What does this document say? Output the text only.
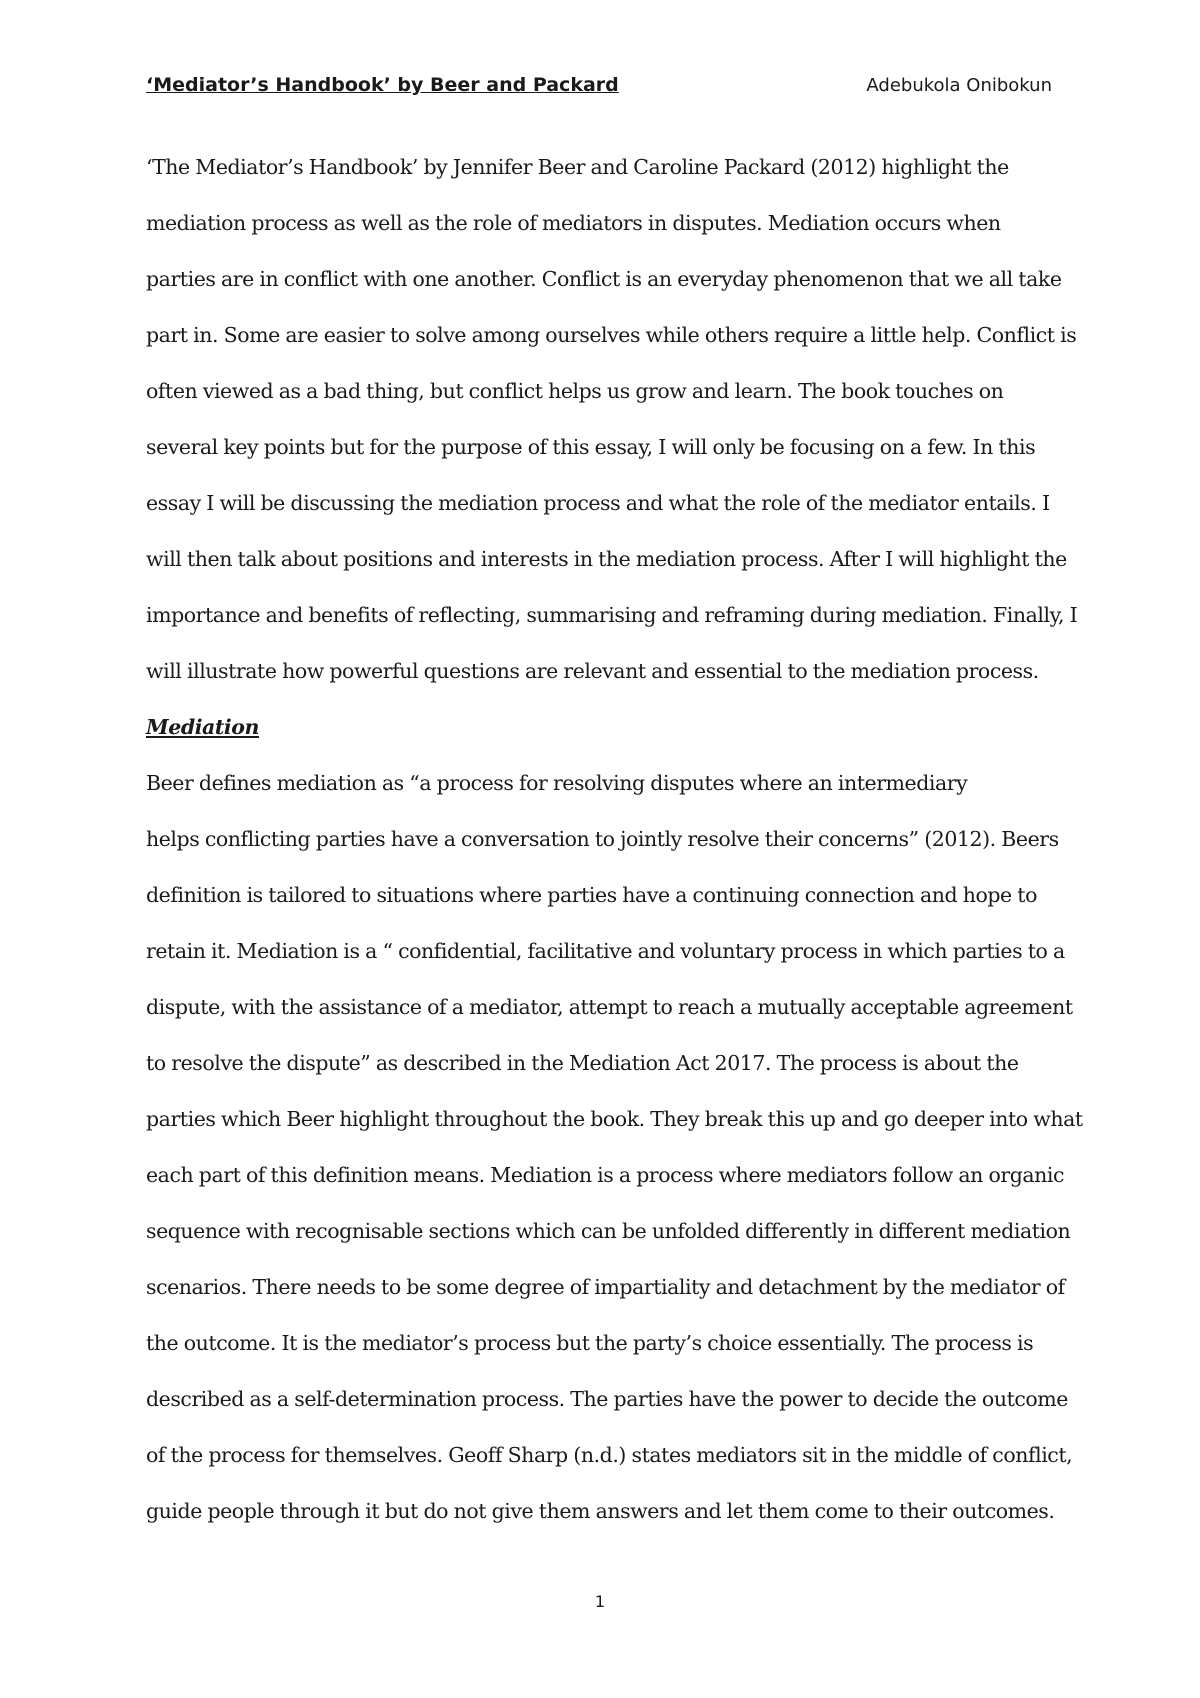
‘Mediator’s Handbook’ by Beer and Packard	Adebukola Onibokun
‘The Mediator’s Handbook’ by Jennifer Beer and Caroline Packard (2012) highlight the
mediation process as well as the role of mediators in disputes. Mediation occurs when
parties are in conflict with one another. Conflict is an everyday phenomenon that we all take
part in. Some are easier to solve among ourselves while others require a little help. Conflict is
often viewed as a bad thing, but conflict helps us grow and learn. The book touches on
several key points but for the purpose of this essay, I will only be focusing on a few. In this
essay I will be discussing the mediation process and what the role of the mediator entails. I
will then talk about positions and interests in the mediation process. After I will highlight the
importance and benefits of reflecting, summarising and reframing during mediation. Finally, I
will illustrate how powerful questions are relevant and essential to the mediation process.
Mediation
Beer defines mediation as “a process for resolving disputes where an intermediary
helps conflicting parties have a conversation to jointly resolve their concerns” (2012). Beers
definition is tailored to situations where parties have a continuing connection and hope to
retain it. Mediation is a “ confidential, facilitative and voluntary process in which parties to a
dispute, with the assistance of a mediator, attempt to reach a mutually acceptable agreement
to resolve the dispute” as described in the Mediation Act 2017. The process is about the
parties which Beer highlight throughout the book. They break this up and go deeper into what
each part of this definition means. Mediation is a process where mediators follow an organic
sequence with recognisable sections which can be unfolded differently in different mediation
scenarios. There needs to be some degree of impartiality and detachment by the mediator of
the outcome. It is the mediator’s process but the party’s choice essentially. The process is
described as a self-determination process. The parties have the power to decide the outcome
of the process for themselves. Geoff Sharp (n.d.) states mediators sit in the middle of conflict,
guide people through it but do not give them answers and let them come to their outcomes.
1
